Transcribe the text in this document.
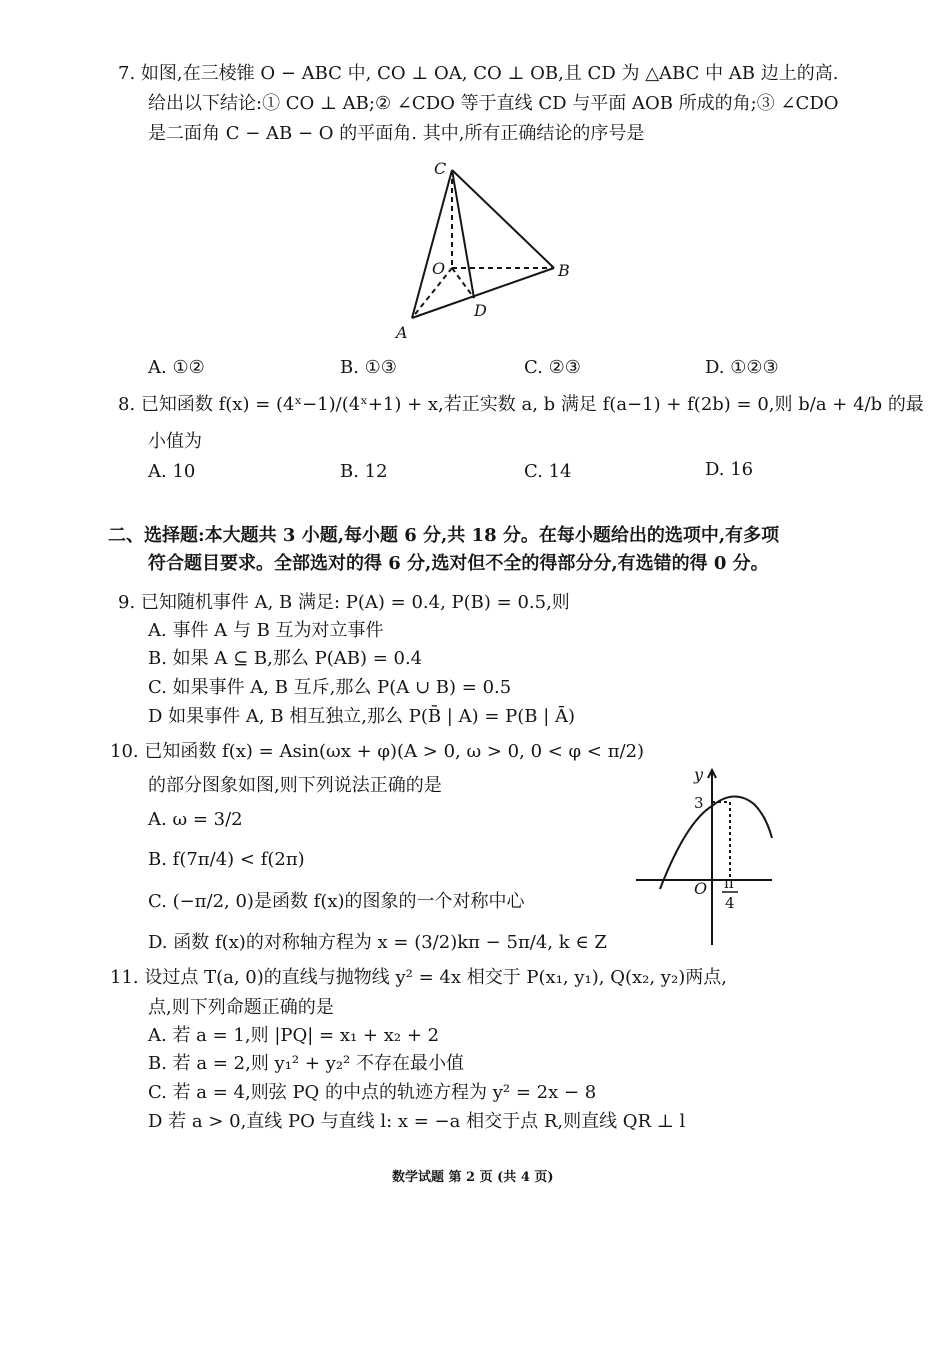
7. 如图,在三棱锥 O − ABC 中, CO ⊥ OA, CO ⊥ OB,且 CD 为 △ABC 中 AB 边上的高.
给出以下结论:① CO ⊥ AB;② ∠CDO 等于直线 CD 与平面 AOB 所成的角;③ ∠CDO
是二面角 C − AB − O 的平面角. 其中,所有正确结论的序号是
C
O	B
D
A
A. ①②	B. ①③	C. ②③	D. ①②③
8. 已知函数 f(x) = (4ˣ−1)/(4ˣ+1) + x,若正实数 a, b 满足 f(a−1) + f(2b) = 0,则 b/a + 4/b 的最
小值为
A. 10	B. 12	C. 14	D. 16
二、选择题:本大题共 3 小题,每小题 6 分,共 18 分。在每小题给出的选项中,有多项
符合题目要求。全部选对的得 6 分,选对但不全的得部分分,有选错的得 0 分。
9. 已知随机事件 A, B 满足: P(A) = 0.4, P(B) = 0.5,则
A. 事件 A 与 B 互为对立事件
B. 如果 A ⊆ B,那么 P(AB) = 0.4
C. 如果事件 A, B 互斥,那么 P(A ∪ B) = 0.5
D 如果事件 A, B 相互独立,那么 P(B̄ | A) = P(B | Ā)
10. 已知函数 f(x) = Asin(ωx + φ)(A > 0, ω > 0, 0 < φ < π/2)
的部分图象如图,则下列说法正确的是
A. ω = 3/2
B. f(7π/4) < f(2π)
C. (−π/2, 0)是函数 f(x)的图象的一个对称中心
D. 函数 f(x)的对称轴方程为 x = (3/2)kπ − 5π/4, k ∈ Z
y
3
O π
4
11. 设过点 T(a, 0)的直线与抛物线 y² = 4x 相交于 P(x₁, y₁), Q(x₂, y₂)两点,
点,则下列命题正确的是
A. 若 a = 1,则 |PQ| = x₁ + x₂ + 2
B. 若 a = 2,则 y₁² + y₂² 不存在最小值
C. 若 a = 4,则弦 PQ 的中点的轨迹方程为 y² = 2x − 8
D 若 a > 0,直线 PO 与直线 l: x = −a 相交于点 R,则直线 QR ⊥ l
数学试题 第 2 页 (共 4 页)
